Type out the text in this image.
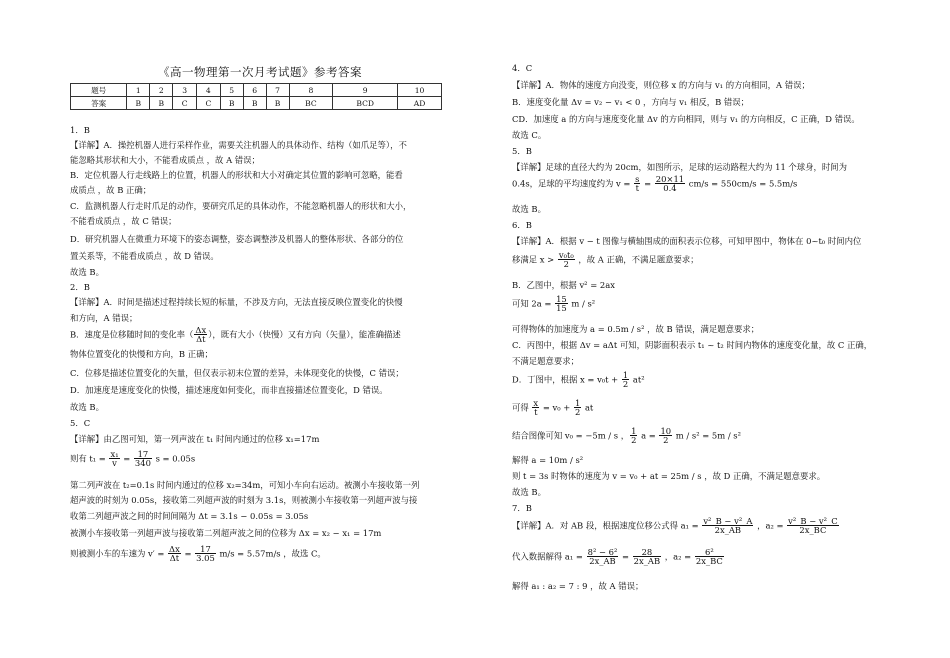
《高一物理第一次月考试题》参考答案
题号	1	2	3	4	5	6	7	8	9	10
答案	B	B	C	C	B	B	B	BC	BCD	AD
1．B
【详解】A．操控机器人进行采样作业，需要关注机器人的具体动作、结构（如爪足等），不
能忽略其形状和大小，不能看成质点 ，故 A 错误；
B．定位机器人行走线路上的位置，机器人的形状和大小对确定其位置的影响可忽略，能看
成质点 ，故 B 正确；
C．监测机器人行走时爪足的动作，要研究爪足的具体动作，不能忽略机器人的形状和大小，
不能看成质点 ，故 C 错误；
D．研究机器人在微重力环境下的姿态调整，姿态调整涉及机器人的整体形状、各部分的位
置关系等，不能看成质点 ，故 D 错误。
故选 B。
2．B
【详解】A．时间是描述过程持续长短的标量，不涉及方向，无法直接反映位置变化的快慢
和方向，A 错误；
B．速度是位移随时间的变化率（ $\frac{\Delta x}{\Delta t}$ ），既有大小（快慢）又有方向（矢量），能准确描述
物体位置变化的快慢和方向，B 正确；
C．位移是描述位置变化的矢量，但仅表示初末位置的差异，未体现变化的快慢，C 错误；
D．加速度是速度变化的快慢，描述速度如何变化，而非直接描述位置变化，D 错误。
故选 B。
5．C
【详解】由乙图可知，第一列声波在 t₁ 时间内通过的位移 x₁=17m
则有 $t_1 = \frac{\text{x₁}}{v} = \frac{17}{340}$ s = 0.05s
第二列声波在 t₂=0.1s 时间内通过的位移 x₂=34m，可知小车向右运动。被测小车接收第一列
超声波的时刻为 0.05s，接收第二列超声波的时刻为 3.1s，则被测小车接收第一列超声波与接
收第二列超声波之间的时间间隔为 Δt = 3.1s − 0.05s = 3.05s
被测小车接收第一列超声波与接收第二列超声波之间的位移为 Δx = x₂ − x₁ = 17m
则被测小车的车速为 $v' = \frac{\Delta x}{\Delta t} = \frac{17}{3.05} m/s = 5.57m/s$ ，故选 C。
4．C
【详解】A．物体的速度方向没变，则位移 x 的方向与 v₁ 的方向相同，A 错误；
B．速度变化量 Δv = v₂ − v₁ < 0 ，方向与 v₁ 相反，B 错误；
CD．加速度 a 的方向与速度变化量 Δv 的方向相同，则与 v₁ 的方向相反，C 正确，D 错误。
故选 C。
5．B
【详解】足球的直径大约为 20cm，如图所示，足球的运动路程大约为 11 个球身，时间为
0.4s，足球的平均速度约为 $v = \frac{s}{t} = \frac{20\times 11}{0.4} cm/s = 550cm/s = 5.5m/s$
故选 B。
6．B
【详解】A．根据 v − t 图像与横轴围成的面积表示位移，可知甲图中，物体在 0~t₀ 时间内位
移满足 $x > \frac{\text{v₀t₀}}{2}$ ，故 A 正确，不满足题意要求；
B．乙图中，根据 v² = 2ax
可知 $2a = \frac{15}{15}$ m / s²
可得物体的加速度为 a = 0.5m / s² ，故 B 错误，满足题意要求；
C．丙图中，根据 Δv = aΔt 可知，阴影面积表示 t₁ ~ t₂ 时间内物体的速度变化量，故 C 正确，
不满足题意要求；
D．丁图中，根据 $x = v_0t + \frac{1}{2} at^2$
可得 $\frac{x}{t} = v_0 + \frac{1}{2}$ at
结合图像可知 v₀ = −5m / s ， $\frac{1}{2}$ $a = \frac{10}{2}$ m / s² = 5m / s²
解得 a = 10m / s²
则 t = 3s 时物体的速度为 v = v₀ + at = 25m / s ，故 D 正确，不满足题意要求。
故选 B。
7．B
【详解】A．对 AB 段，根据速度位移公式得 $a_1 = \frac{\text{v²\_B − v²\_A}}{2x\_AB}$ ，$a_2 = \frac{\text{v²\_B − v²\_C}}{2x\_BC}$
代入数据解得 $a_1 = \frac{\text{8² − 6²}}{2x\_AB} = \frac{28}{2x\_AB}$ ，$a_2 = \frac{\text{6²}}{2x\_BC}$
解得 a₁ : a₂ = 7 : 9 ，故 A 错误；
